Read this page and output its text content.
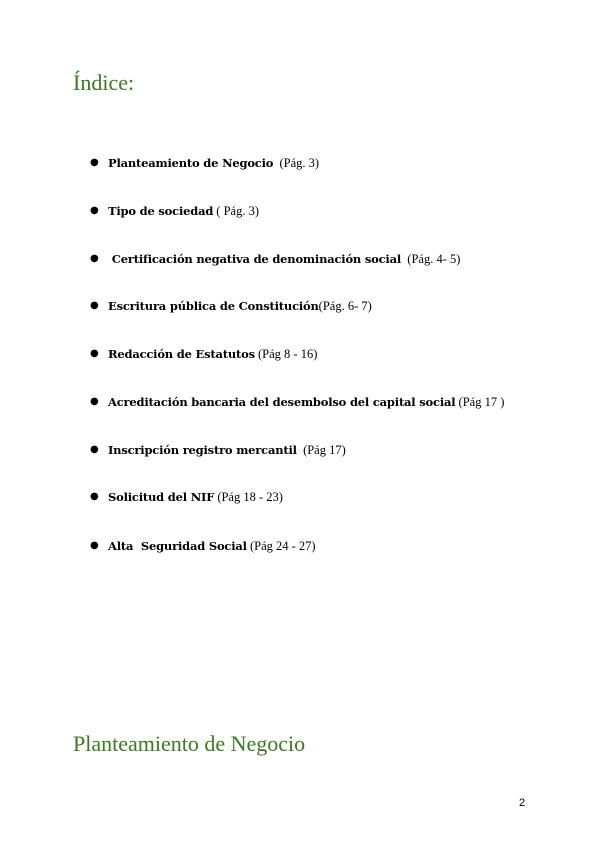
Índice:
● Planteamiento de Negocio  (Pág. 3)
● Tipo de sociedad ( Pág. 3)
● Certificación negativa de denominación social  (Pág. 4- 5)
● Escritura pública de Constitución(Pág. 6- 7)
● Redacción de Estatutos (Pág 8 - 16)
● Acreditación bancaria del desembolso del capital social (Pág 17 )
● Inscripción registro mercantil  (Pág 17)
● Solicitud del NIF (Pág 18 - 23)
● Alta  Seguridad Social (Pág 24 - 27)
Planteamiento de Negocio
2
